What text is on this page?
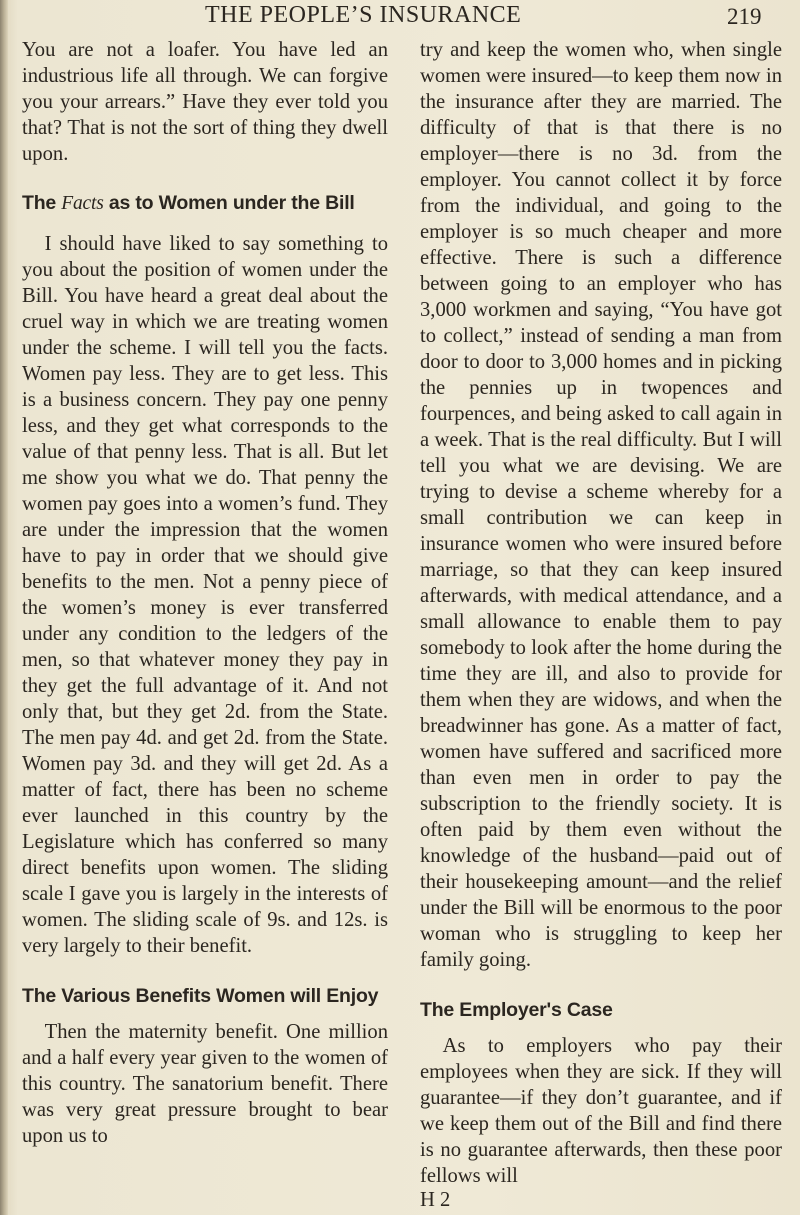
THE PEOPLE’S INSURANCE	219

You are not a loafer. You have led an industrious life all through. We can forgive you your arrears.” Have they ever told you that? That is not the sort of thing they dwell upon.

The Facts as to Women under the Bill

I should have liked to say something to you about the position of women under the Bill. You have heard a great deal about the cruel way in which we are treating women under the scheme. I will tell you the facts. Women pay less. They are to get less. This is a business concern. They pay one penny less, and they get what corresponds to the value of that penny less. That is all. But let me show you what we do. That penny the women pay goes into a women’s fund. They are under the impression that the women have to pay in order that we should give benefits to the men. Not a penny piece of the women’s money is ever transferred under any condition to the ledgers of the men, so that whatever money they pay in they get the full advantage of it. And not only that, but they get 2d. from the State. The men pay 4d. and get 2d. from the State. Women pay 3d. and they will get 2d. As a matter of fact, there has been no scheme ever launched in this country by the Legislature which has conferred so many direct benefits upon women. The sliding scale I gave you is largely in the interests of women. The sliding scale of 9s. and 12s. is very largely to their benefit.

The Various Benefits Women will Enjoy

Then the maternity benefit. One million and a half every year given to the women of this country. The sanatorium benefit. There was very great pressure brought to bear upon us to

try and keep the women who, when single women were insured—to keep them now in the insurance after they are married. The difficulty of that is that there is no employer—there is no 3d. from the employer. You cannot collect it by force from the individual, and going to the employer is so much cheaper and more effective. There is such a difference between going to an employer who has 3,000 workmen and saying, “You have got to collect,” instead of sending a man from door to door to 3,000 homes and in picking the pennies up in twopences and fourpences, and being asked to call again in a week. That is the real difficulty. But I will tell you what we are devising. We are trying to devise a scheme whereby for a small contribution we can keep in insurance women who were insured before marriage, so that they can keep insured afterwards, with medical attendance, and a small allowance to enable them to pay somebody to look after the home during the time they are ill, and also to provide for them when they are widows, and when the breadwinner has gone. As a matter of fact, women have suffered and sacrificed more than even men in order to pay the subscription to the friendly society. It is often paid by them even without the knowledge of the husband—paid out of their housekeeping amount—and the relief under the Bill will be enormous to the poor woman who is struggling to keep her family going.

The Employer's Case

As to employers who pay their employees when they are sick. If they will guarantee—if they don’t guarantee, and if we keep them out of the Bill and find there is no guarantee afterwards, then these poor fellows will

H 2
